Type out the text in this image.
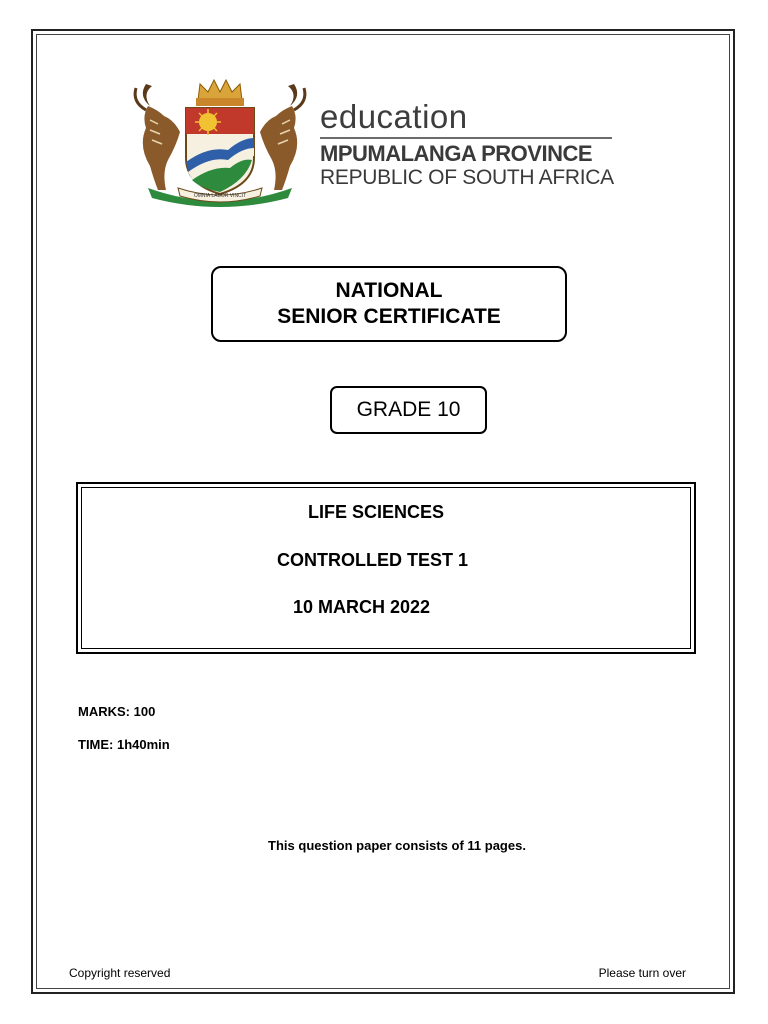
OMNIA LABOR VINCIT
education
MPUMALANGA PROVINCE
REPUBLIC OF SOUTH AFRICA
NATIONAL
SENIOR CERTIFICATE
GRADE 10
LIFE SCIENCES
CONTROLLED TEST 1
10 MARCH 2022
MARKS: 100
TIME: 1h40min
This question paper consists of 11 pages.
Copyright reserved	Please turn over
